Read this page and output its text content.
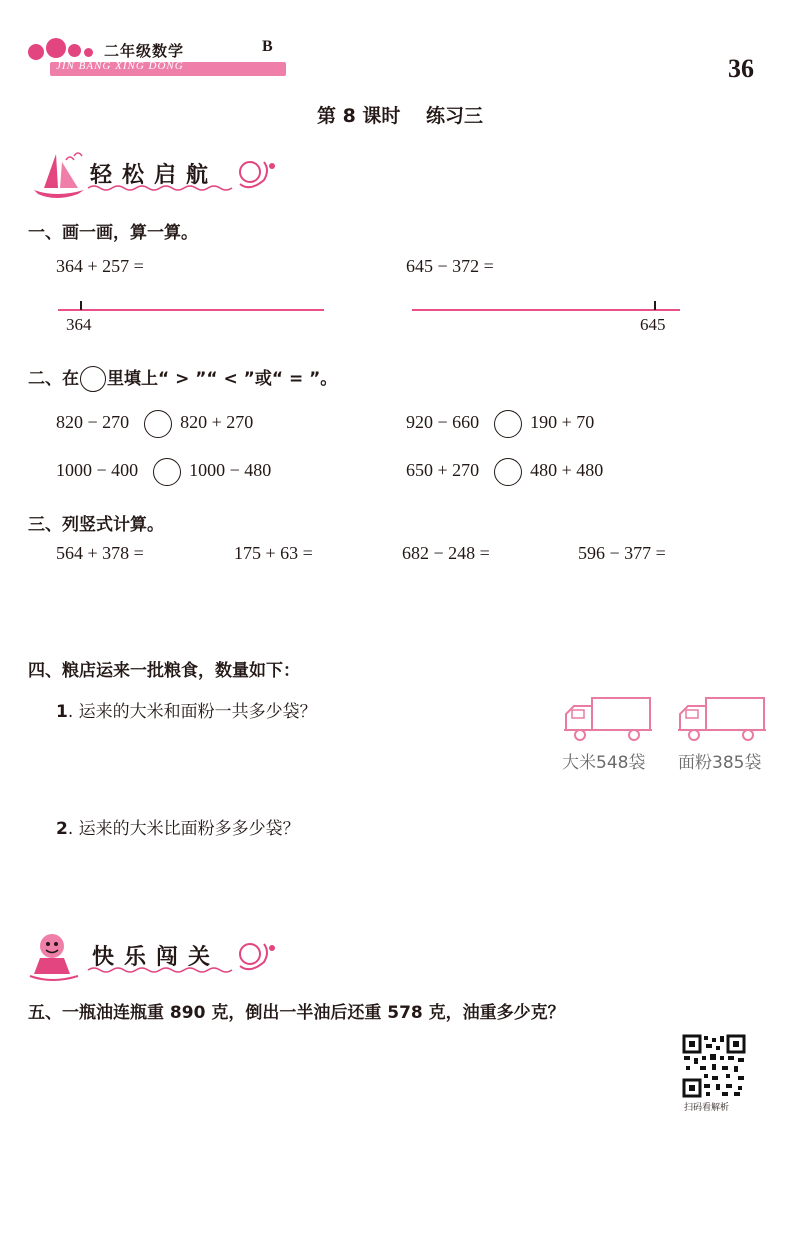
二年级数学	B
JIN BANG XING DONG	36
第 8 课时　 练习三
轻松启航
一、画一画，算一算。
364 + 257 =	645 − 372 =
364	645
二、在 里填上“ > ”“ < ”或“ = ”。
820 − 270	820 + 270	920 − 660	190 + 70
1000 − 400	1000 − 480	650 + 270	480 + 480
三、列竖式计算。
564 + 378 =	175 + 63 =	682 − 248 =	596 − 377 =
四、粮店运来一批粮食，数量如下：
1. 运来的大米和面粉一共多少袋？
2. 运来的大米比面粉多多少袋？
大米548袋 面粉385袋
快乐闯关
五、一瓶油连瓶重 890 克，倒出一半油后还重 578 克，油重多少克？
扫码看解析
